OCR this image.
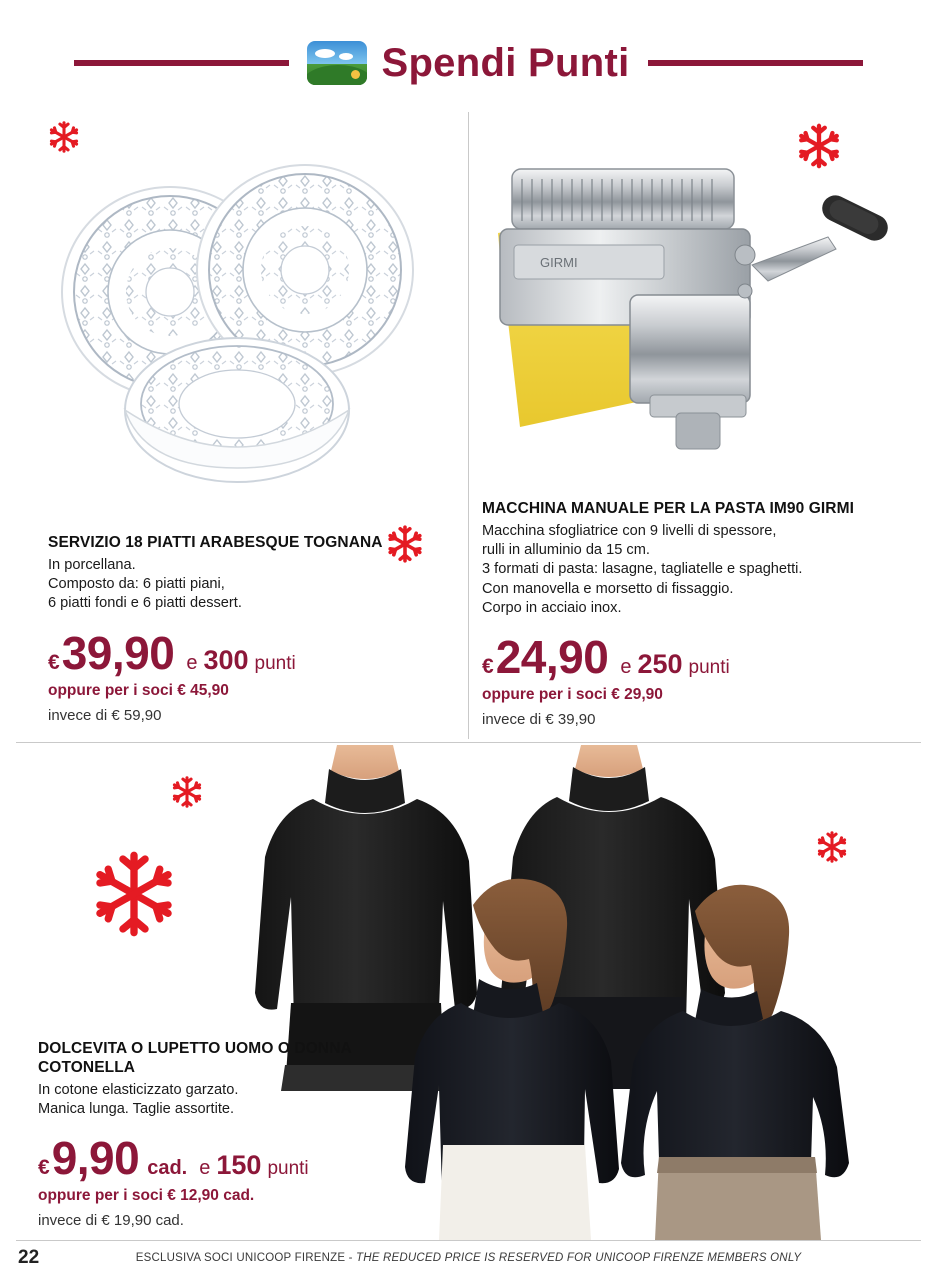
Spendi Punti
GIRMI
SERVIZIO 18 PIATTI ARABESQUE TOGNANA
In porcellana.
Composto da: 6 piatti piani,
6 piatti fondi e 6 piatti dessert.
€ 39,90 e 300 punti
oppure per i soci € 45,90
invece di € 59,90
MACCHINA MANUALE PER LA PASTA IM90 GIRMI
Macchina sfogliatrice con 9 livelli di spessore,
rulli in alluminio da 15 cm.
3 formati di pasta: lasagne, tagliatelle e spaghetti.
Con manovella e morsetto di fissaggio.
Corpo in acciaio inox.
€ 24,90 e 250 punti
oppure per i soci € 29,90
invece di € 39,90
DOLCEVITA O LUPETTO UOMO O DONNA COTONELLA
In cotone elasticizzato garzato.
Manica lunga. Taglie assortite.
€ 9,90 cad. e 150 punti
oppure per i soci € 12,90 cad.
invece di € 19,90 cad.
22	ESCLUSIVA SOCI UNICOOP FIRENZE - THE REDUCED PRICE IS RESERVED FOR UNICOOP FIRENZE MEMBERS ONLY
